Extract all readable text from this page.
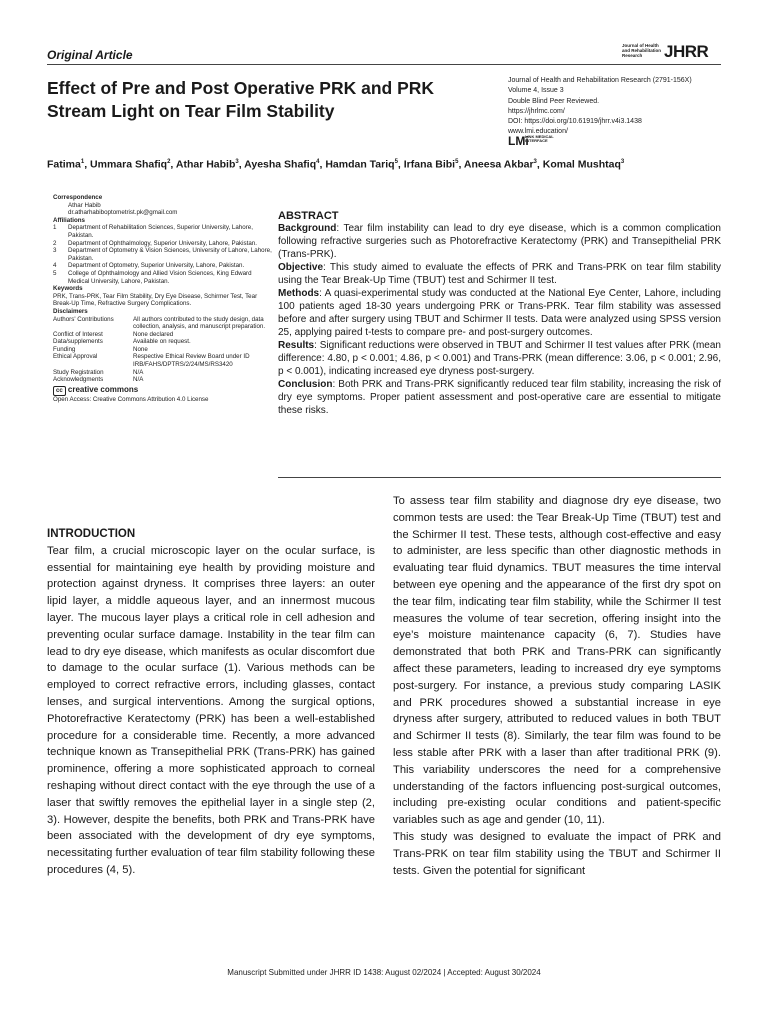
Original Article
Journal of Health and Rehabilitation Research	JHRR
Effect of Pre and Post Operative PRK and PRK Stream Light on Tear Film Stability
Journal of Health and Rehabilitation Research (2791-156X)
Volume 4, Issue 3
Double Blind Peer Reviewed.
https://jhrlmc.com/
DOI: https://doi.org/10.61919/jhrr.v4i3.1438
www.lmi.education/
LMi
LINK MEDICAL INTERFACE
Fatima$^1$, Ummara Shafiq$^2$, Athar Habib$^3$, Ayesha Shafiq$^4$, Hamdan Tariq$^5$, Irfana Bibi$^5$, Aneesa Akbar$^3$, Komal Mushtaq$^3$
Correspondence
Athar Habib
dr.atharhabiboptometrist.pk@gmail.com
Affiliations
1	Department of Rehabilitation Sciences, Superior University, Lahore, Pakistan.
2	Department of Ophthalmology, Superior University, Lahore, Pakistan.
3	Department of Optometry & Vision Sciences, University of Lahore, Lahore, Pakistan.
4	Department of Optometry, Superior University, Lahore, Pakistan.
5	College of Ophthalmology and Allied Vision Sciences, King Edward Medical University, Lahore, Pakistan.
Keywords
PRK, Trans-PRK, Tear Film Stability, Dry Eye Disease, Schirmer Test, Tear Break-Up Time, Refractive Surgery Complications.
Disclaimers
Authors' Contributions	All authors contributed to the study design, data collection, analysis, and manuscript preparation.
Conflict of Interest	None declared
Data/supplements	Available on request.
Funding	None
Ethical Approval	Respective Ethical Review Board under ID IRB/FAHS/DPTRS/2/24/MS/RS3420
Study Registration	N/A
Acknowledgments	N/A
cc creative commons
Open Access: Creative Commons Attribution 4.0 License
ABSTRACT

Background: Tear film instability can lead to dry eye disease, which is a common complication following refractive surgeries such as Photorefractive Keratectomy (PRK) and Transepithelial PRK (Trans-PRK).

Objective: This study aimed to evaluate the effects of PRK and Trans-PRK on tear film stability using the Tear Break-Up Time (TBUT) test and Schirmer II test.

Methods: A quasi-experimental study was conducted at the National Eye Center, Lahore, including 100 patients aged 18-30 years undergoing PRK or Trans-PRK. Tear film stability was assessed before and after surgery using TBUT and Schirmer II tests. Data were analyzed using SPSS version 25, applying paired t-tests to compare pre- and post-surgery outcomes.

Results: Significant reductions were observed in TBUT and Schirmer II test values after PRK (mean difference: 4.80, p < 0.001; 4.86, p < 0.001) and Trans-PRK (mean difference: 3.06, p < 0.001; 2.96, p < 0.001), indicating increased eye dryness post-surgery.

Conclusion: Both PRK and Trans-PRK significantly reduced tear film stability, increasing the risk of dry eye symptoms. Proper patient assessment and post-operative care are essential to mitigate these risks.

INTRODUCTION

Tear film, a crucial microscopic layer on the ocular surface, is essential for maintaining eye health by providing moisture and protection against dryness. It comprises three layers: an outer lipid layer, a middle aqueous layer, and an innermost mucous layer. The mucous layer plays a critical role in cell adhesion and preventing ocular surface damage. Instability in the tear film can lead to dry eye disease, which manifests as ocular discomfort due to damage to the ocular surface (1). Various methods can be employed to correct refractive errors, including glasses, contact lenses, and surgical interventions. Among the surgical options, Photorefractive Keratectomy (PRK) has been a well-established procedure for a considerable time. Recently, a more advanced technique known as Transepithelial PRK (Trans-PRK) has gained prominence, offering a more sophisticated approach to corneal reshaping without direct contact with the eye through the use of a laser that swiftly removes the epithelial layer in a single step (2, 3). However, despite the benefits, both PRK and Trans-PRK have been associated with the development of dry eye symptoms, necessitating further evaluation of tear film stability following these procedures (4, 5).

To assess tear film stability and diagnose dry eye disease, two common tests are used: the Tear Break-Up Time (TBUT) test and the Schirmer II test. These tests, although cost-effective and easy to administer, are less specific than other diagnostic methods in evaluating tear fluid dynamics. TBUT measures the time interval between eye opening and the appearance of the first dry spot on the tear film, indicating tear film stability, while the Schirmer II test measures the volume of tear secretion, offering insight into the eye’s moisture maintenance capacity (6, 7). Studies have demonstrated that both PRK and Trans-PRK can significantly affect these parameters, leading to increased dry eye symptoms post-surgery. For instance, a previous study comparing LASIK and PRK procedures showed a substantial increase in eye dryness after surgery, attributed to reduced values in both TBUT and Schirmer II tests (8). Similarly, the tear film was found to be less stable after PRK with a laser than after traditional PRK (9). This variability underscores the need for a comprehensive understanding of the factors influencing post-surgical outcomes, including pre-existing ocular conditions and patient-specific variables such as age and gender (10, 11).

This study was designed to evaluate the impact of PRK and Trans-PRK on tear film stability using the TBUT and Schirmer II tests. Given the potential for significant

Manuscript Submitted under JHRR ID 1438: August 02/2024 | Accepted: August 30/2024
